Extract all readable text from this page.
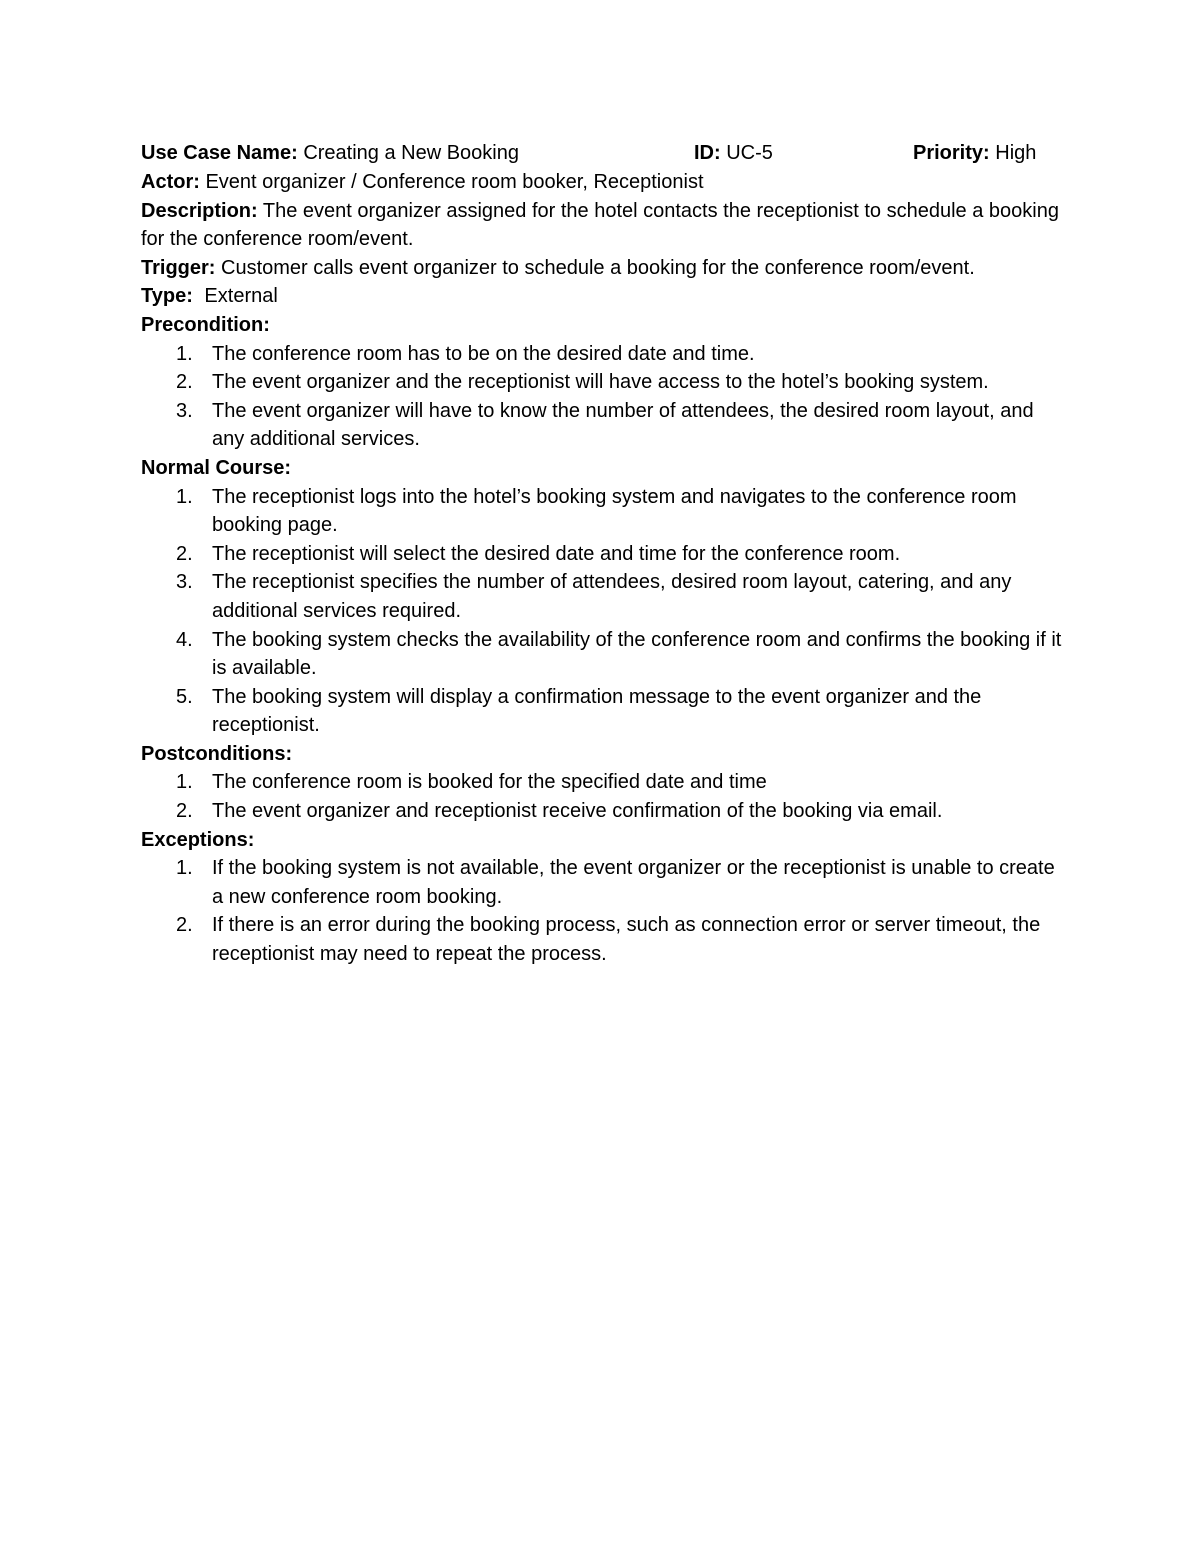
Use Case Name: Creating a New Booking	ID: UC-5	Priority: High

Actor: Event organizer / Conference room booker, Receptionist

Description: The event organizer assigned for the hotel contacts the receptionist to schedule a booking for the conference room/event.

Trigger: Customer calls event organizer to schedule a booking for the conference room/event.

Type: External

Precondition:

1. The conference room has to be on the desired date and time.
2. The event organizer and the receptionist will have access to the hotel’s booking system.
3. The event organizer will have to know the number of attendees, the desired room layout, and any additional services.

Normal Course:

1. The receptionist logs into the hotel’s booking system and navigates to the conference room booking page.
2. The receptionist will select the desired date and time for the conference room.
3. The receptionist specifies the number of attendees, desired room layout, catering, and any additional services required.
4. The booking system checks the availability of the conference room and confirms the booking if it is available.
5. The booking system will display a confirmation message to the event organizer and the receptionist.

Postconditions:

1. The conference room is booked for the specified date and time
2. The event organizer and receptionist receive confirmation of the booking via email.

Exceptions:

1. If the booking system is not available, the event organizer or the receptionist is unable to create a new conference room booking.
2. If there is an error during the booking process, such as connection error or server timeout, the receptionist may need to repeat the process.
